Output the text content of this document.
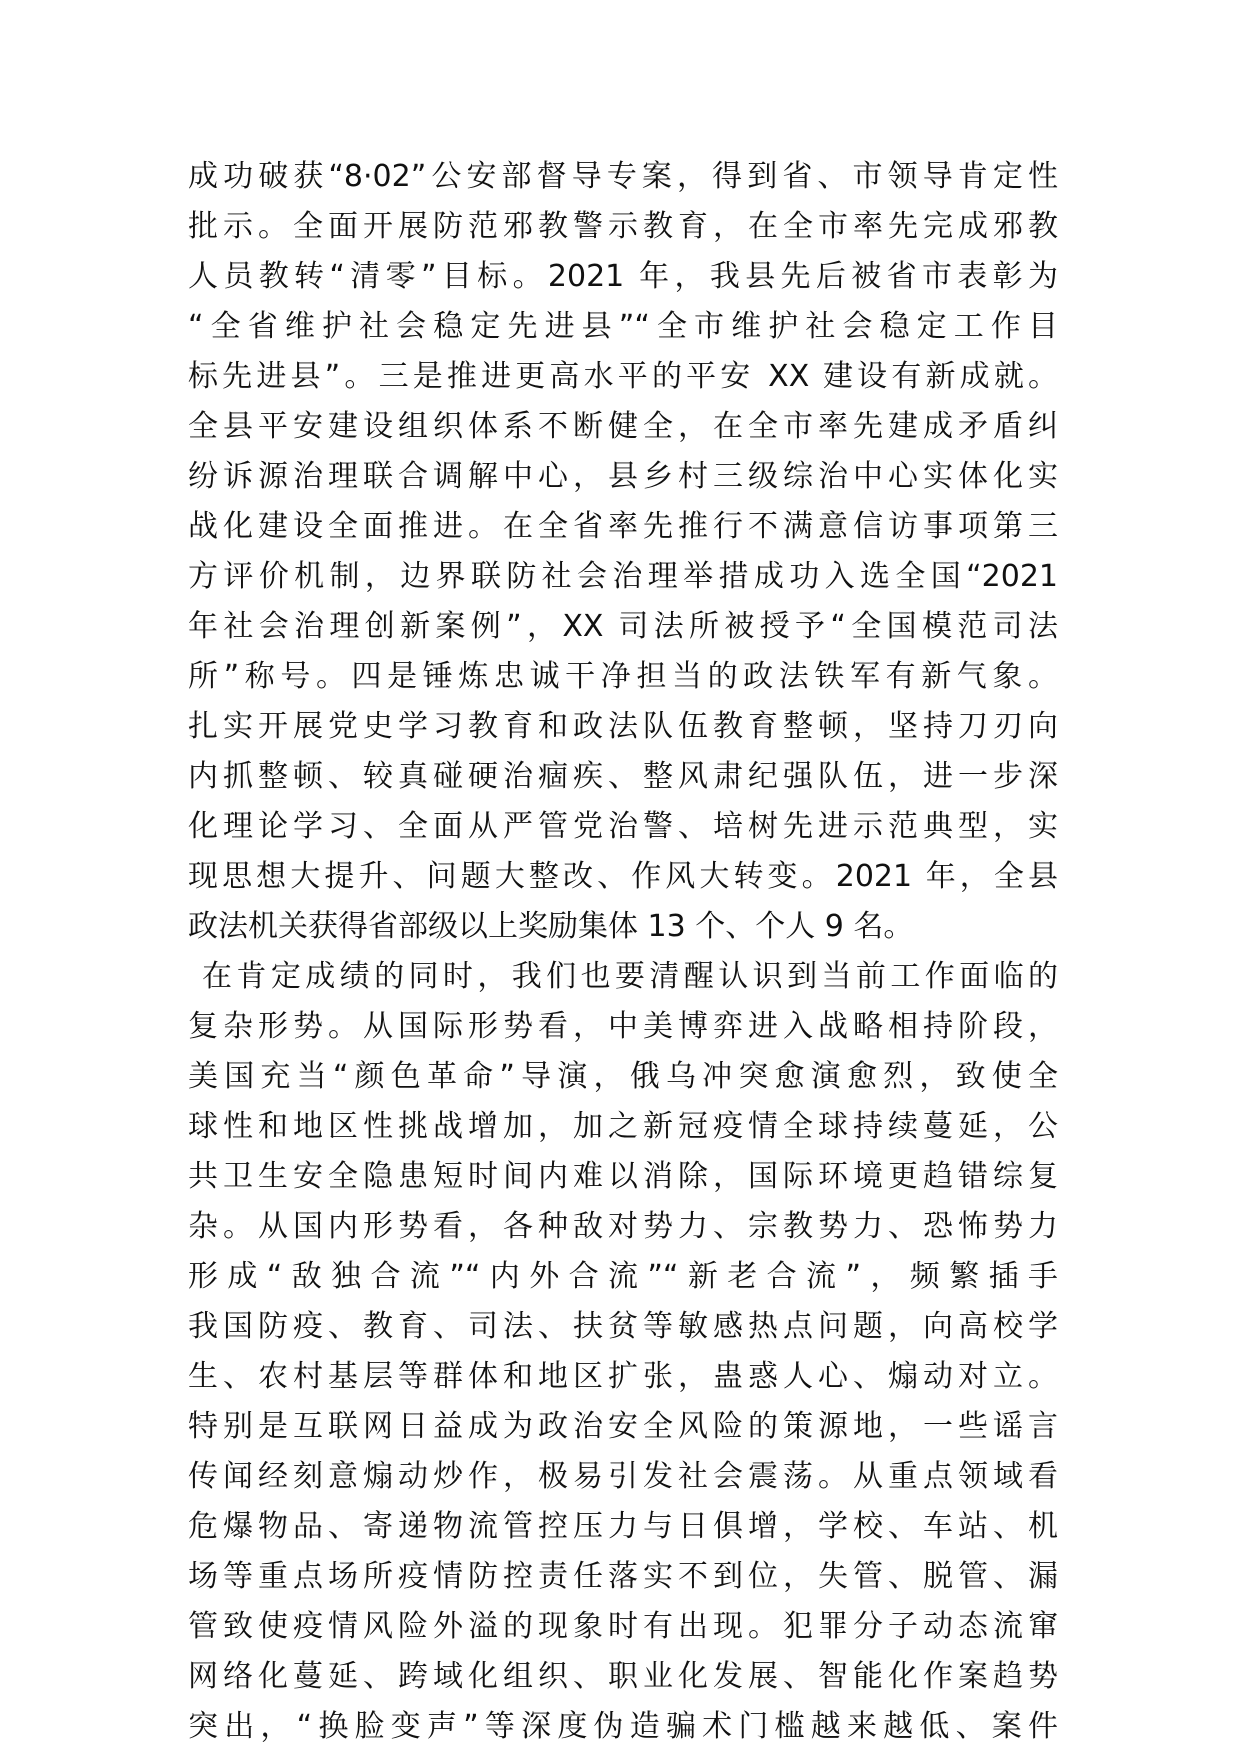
成功破获“8·02”公安部督导专案，得到省、市领导肯定性
批示。全面开展防范邪教警示教育，在全市率先完成邪教
人员教转“清零”目标。2021 年，我县先后被省市表彰为
“全省维护社会稳定先进县”“全市维护社会稳定工作目
标先进县”。三是推进更高水平的平安 XX 建设有新成就。
全县平安建设组织体系不断健全，在全市率先建成矛盾纠
纷诉源治理联合调解中心，县乡村三级综治中心实体化实
战化建设全面推进。在全省率先推行不满意信访事项第三
方评价机制，边界联防社会治理举措成功入选全国“2021
年社会治理创新案例”，XX 司法所被授予“全国模范司法
所”称号。四是锤炼忠诚干净担当的政法铁军有新气象。
扎实开展党史学习教育和政法队伍教育整顿，坚持刀刃向
内抓整顿、较真碰硬治痼疾、整风肃纪强队伍，进一步深
化理论学习、全面从严管党治警、培树先进示范典型，实
现思想大提升、问题大整改、作风大转变。2021 年，全县
政法机关获得省部级以上奖励集体 13 个、个人 9 名。
在肯定成绩的同时，我们也要清醒认识到当前工作面临的
复杂形势。从国际形势看，中美博弈进入战略相持阶段，
美国充当“颜色革命”导演，俄乌冲突愈演愈烈，致使全
球性和地区性挑战增加，加之新冠疫情全球持续蔓延，公
共卫生安全隐患短时间内难以消除，国际环境更趋错综复
杂。从国内形势看，各种敌对势力、宗教势力、恐怖势力
形成“敌独合流”“内外合流”“新老合流”，频繁插手
我国防疫、教育、司法、扶贫等敏感热点问题，向高校学
生、农村基层等群体和地区扩张，蛊惑人心、煽动对立。
特别是互联网日益成为政治安全风险的策源地，一些谣言
传闻经刻意煽动炒作，极易引发社会震荡。从重点领域看
危爆物品、寄递物流管控压力与日俱增，学校、车站、机
场等重点场所疫情防控责任落实不到位，失管、脱管、漏
管致使疫情风险外溢的现象时有出现。犯罪分子动态流窜
网络化蔓延、跨域化组织、职业化发展、智能化作案趋势
突出，“换脸变声”等深度伪造骗术门槛越来越低、案件
